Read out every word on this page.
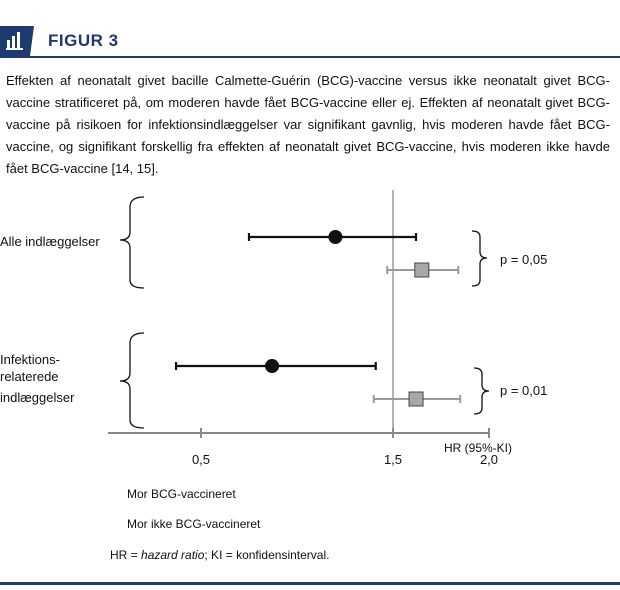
FIGUR 3
Effekten af neonatalt givet bacille Calmette-Guérin (BCG)-vaccine versus ikke neonatalt givet BCG-vaccine stratificeret på, om moderen havde fået BCG-vaccine eller ej. Effekten af neonatalt givet BCG-vaccine på risikoen for infektionsindlæggelser var signifikant gavnlig, hvis moderen havde fået BCG-vaccine, og signifikant forskellig fra effekten af neonatalt givet BCG-vaccine, hvis moderen ikke havde fået BCG-vaccine [14, 15].
0,5	1,5	2,0
HR (95%-KI)
Alle indlæggelser
p = 0,05
Infektions-
relaterede
indlæggelser	p = 0,01
Mor BCG-vaccineret
Mor ikke BCG-vaccineret
HR = hazard ratio; KI = konfidensinterval.
